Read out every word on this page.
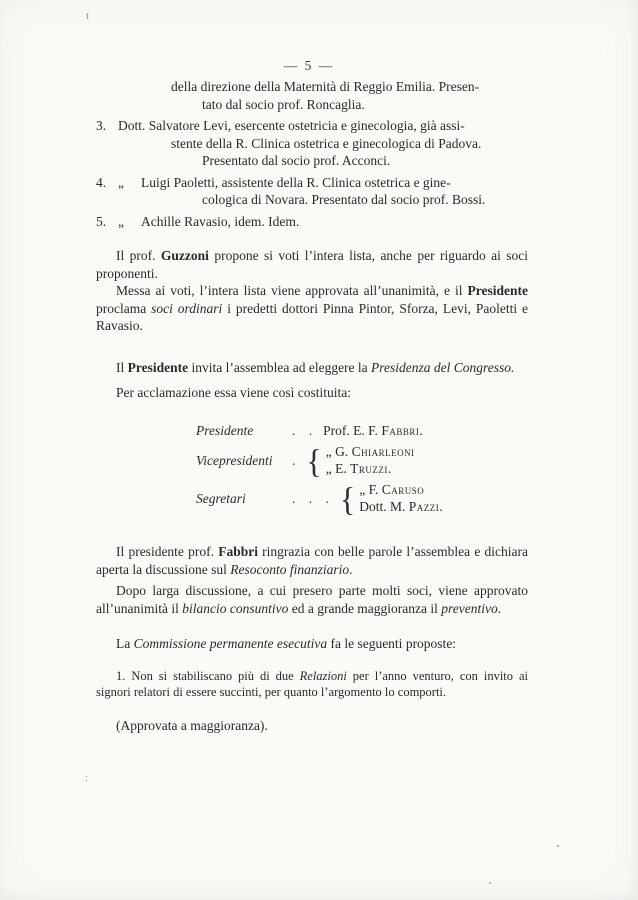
t
:
— 5 —
della direzione della Maternità di Reggio Emilia. Presen-
tato dal socio prof. Roncaglia.
3. Dott. Salvatore Levi, esercente ostetricia e ginecologia, già assi-
stente della R. Clinica ostetrica e ginecologica di Padova.
Presentato dal socio prof. Acconci.
4. „ Luigi Paoletti, assistente della R. Clinica ostetrica e gine-
cologica di Novara. Presentato dal socio prof. Bossi.
5. „ Achille Ravasio, idem. Idem.

Il prof. Guzzoni propone si voti l’intera lista, anche per riguardo ai soci proponenti.

Messa ai voti, l’intera lista viene approvata all’unanimità, e il Presidente proclama soci ordinari i predetti dottori Pinna Pintor, Sforza, Levi, Paoletti e Ravasio.

Il Presidente invita l’assemblea ad eleggere la Presidenza del Congresso.

Per acclamazione essa viene così costituita:

Presidente	. . Prof. E. F. Fabbri.
Vicepresidenti	. { „ G. Chiarleoni
„ E. Truzzi.
Segretari	. . . { „ F. Caruso
Dott. M. Pazzi.

Il presidente prof. Fabbri ringrazia con belle parole l’assemblea e dichiara aperta la discussione sul Resoconto finanziario.

Dopo larga discussione, a cui presero parte molti soci, viene approvato all’unanimità il bilancio consuntivo ed a grande maggioranza il preventivo.

La Commissione permanente esecutiva fa le seguenti proposte:

1. Non si stabiliscano più di due Relazioni per l’anno venturo, con invito ai signori relatori di essere succinti, per quanto l’argomento lo comporti.

(Approvata a maggioranza).
